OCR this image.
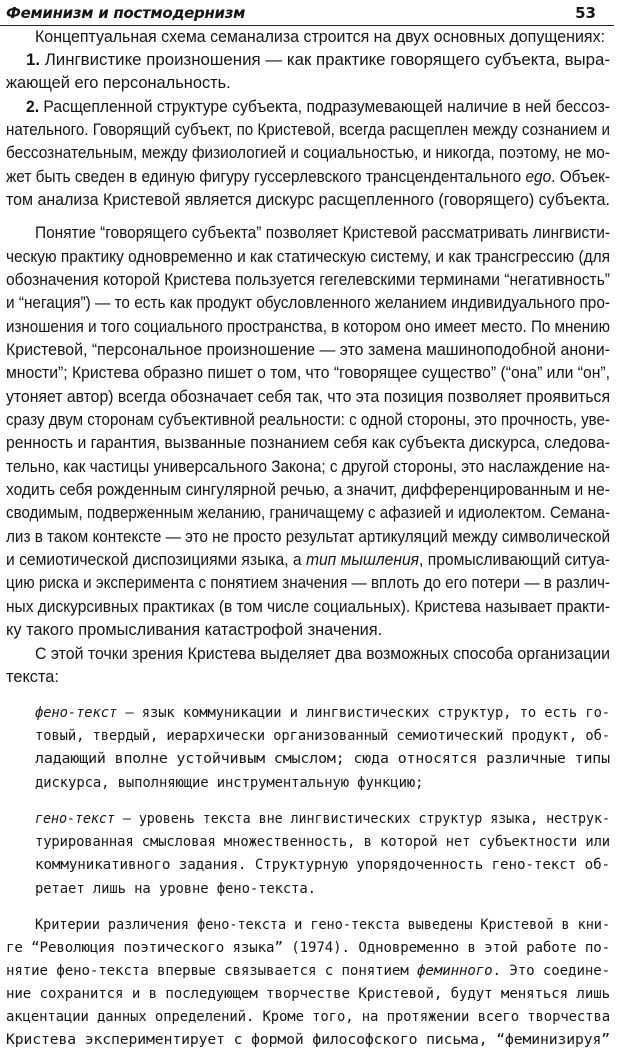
Феминизм и постмодернизм	53
Концептуальная схема семанализа строится на двух основных допущениях:
1. Лингвистике произношения — как практике говорящего субъекта, выра-
жающей его персональность.
2. Расщепленной структуре субъекта, подразумевающей наличие в ней бессоз-
нательного. Говорящий субъект, по Кристевой, всегда расщеплен между сознанием и
бессознательным, между физиологией и социальностью, и никогда, поэтому, не мо-
жет быть сведен в единую фигуру гуссерлевского трансцендентального ego. Объек-
том анализа Кристевой является дискурс расщепленного (говорящего) субъекта.
Понятие “говорящего субъекта” позволяет Кристевой рассматривать лингвисти-
ческую практику одновременно и как статическую систему, и как трансгрессию (для
обозначения которой Кристева пользуется гегелевскими терминами “негативность”
и “негация”) — то есть как продукт обусловленного желанием индивидуального про-
изношения и того социального пространства, в котором оно имеет место. По мнению
Кристевой, “персональное произношение — это замена машиноподобной анони-
мности”; Кристева образно пишет о том, что “говорящее существо” (“она” или “он”,
утоняет автор) всегда обозначает себя так, что эта позиция позволяет проявиться
сразу двум сторонам субъективной реальности: с одной стороны, это прочность, уве-
ренность и гарантия, вызванные познанием себя как субъекта дискурса, следова-
тельно, как частицы универсального Закона; с другой стороны, это наслаждение на-
ходить себя рожденным сингулярной речью, а значит, дифференцированным и не-
сводимым, подверженным желанию, граничащему с афазией и идиолектом. Семана-
лиз в таком контексте — это не просто результат артикуляций между символической
и семиотической диспозициями языка, а тип мышления, промысливающий ситуа-
цию риска и эксперимента с понятием значения — вплоть до его потери — в различ-
ных дискурсивных практиках (в том числе социальных). Кристева называет практи-
ку такого промысливания катастрофой значения.
С этой точки зрения Кристева выделяет два возможных способа организации
текста:
фено-текст — язык коммуникации и лингвистических структур, то есть го-
товый, твердый, иерархически организованный семиотический продукт, об-
ладающий вполне устойчивым смыслом; сюда относятся различные типы
дискурса, выполняющие инструментальную функцию;
гено-текст — уровень текста вне лингвистических структур языка, неструк-
турированная смысловая множественность, в которой нет субъектности или
коммуникативного задания. Структурную упорядоченность гено-текст об-
ретает лишь на уровне фено-текста.
Критерии различения фено-текста и гено-текста выведены Кристевой в кни-
ге “Революция поэтического языка” (1974). Одновременно в этой работе по-
нятие фено-текста впервые связывается с понятием феминного. Это соедине-
ние сохранится и в последующем творчестве Кристевой, будут меняться лишь
акцентации данных определений. Кроме того, на протяжении всего творчества
Кристева экспериментирует с формой философского письма, “феминизируя”
